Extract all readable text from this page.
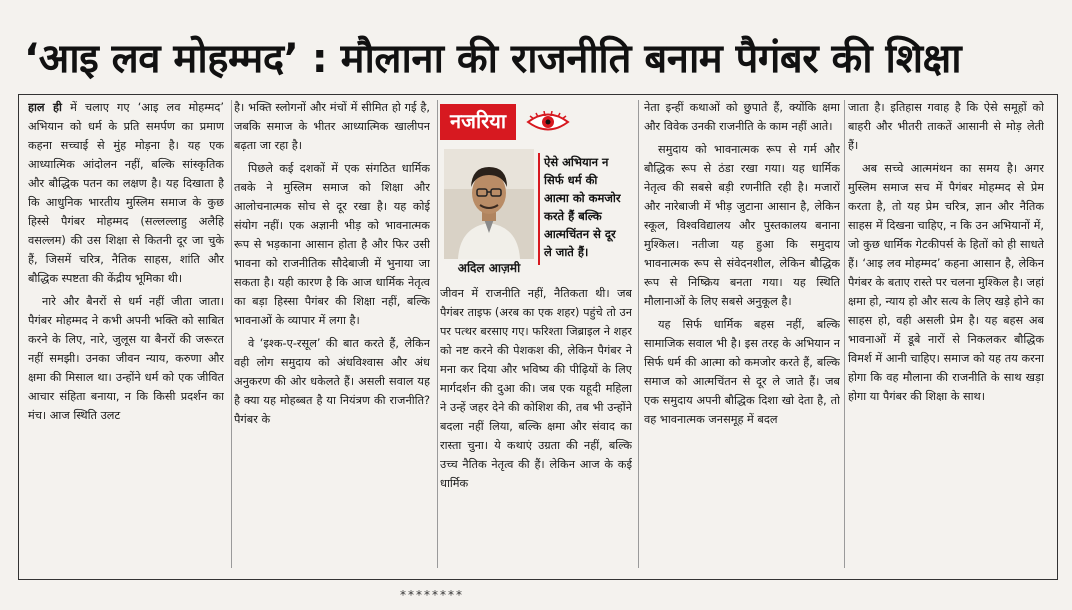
‘आइ लव मोहम्मद’ : मौलाना की राजनीति बनाम पैगंबर की शिक्षा

हाल ही में चलाए गए ‘आइ लव मोहम्मद’ अभियान को धर्म के प्रति समर्पण का प्रमाण कहना सच्चाई से मुंह मोड़ना है। यह एक आध्यात्मिक आंदोलन नहीं, बल्कि सांस्कृतिक और बौद्धिक पतन का लक्षण है। यह दिखाता है कि आधुनिक भारतीय मुस्लिम समाज के कुछ हिस्से पैगंबर मोहम्मद (सल्लल्लाहु अलैहि वसल्लम) की उस शिक्षा से कितनी दूर जा चुके हैं, जिसमें चरित्र, नैतिक साहस, शांति और बौद्धिक स्पष्टता की केंद्रीय भूमिका थी।

नारे और बैनरों से धर्म नहीं जीता जाता। पैगंबर मोहम्मद ने कभी अपनी भक्ति को साबित करने के लिए, नारे, जुलूस या बैनरों की जरूरत नहीं समझी। उनका जीवन न्याय, करुणा और क्षमा की मिसाल था। उन्होंने धर्म को एक जीवित आचार संहिता बनाया, न कि किसी प्रदर्शन का मंच। आज स्थिति उलट

है। भक्ति स्लोगनों और मंचों में सीमित हो गई है, जबकि समाज के भीतर आध्यात्मिक खालीपन बढ़ता जा रहा है।

पिछले कई दशकों में एक संगठित धार्मिक तबके ने मुस्लिम समाज को शिक्षा और आलोचनात्मक सोच से दूर रखा है। यह कोई संयोग नहीं। एक अज्ञानी भीड़ को भावनात्मक रूप से भड़काना आसान होता है और फिर उसी भावना को राजनीतिक सौदेबाजी में भुनाया जा सकता है। यही कारण है कि आज धार्मिक नेतृत्व का बड़ा हिस्सा पैगंबर की शिक्षा नहीं, बल्कि भावनाओं के व्यापार में लगा है।

वे ‘इश्क-ए-रसूल’ की बात करते हैं, लेकिन वही लोग समुदाय को अंधविश्वास और अंध अनुकरण की ओर धकेलते हैं। असली सवाल यह है क्या यह मोहब्बत है या नियंत्रण की राजनीति? पैगंबर के

नजरिया
अदिल आज़मी
ऐसे अभियान न सिर्फ धर्म की आत्मा को कमजोर करते हैं बल्कि आत्मचिंतन से दूर ले जाते हैं।

जीवन में राजनीति नहीं, नैतिकता थी। जब पैगंबर ताइफ (अरब का एक शहर) पहुंचे तो उन पर पत्थर बरसाए गए। फरिश्ता जिब्राइल ने शहर को नष्ट करने की पेशकश की, लेकिन पैगंबर ने मना कर दिया और भविष्य की पीढ़ियों के लिए मार्गदर्शन की दुआ की। जब एक यहूदी महिला ने उन्हें जहर देने की कोशिश की, तब भी उन्होंने बदला नहीं लिया, बल्कि क्षमा और संवाद का रास्ता चुना। ये कथाएं उग्रता की नहीं, बल्कि उच्च नैतिक नेतृत्व की हैं। लेकिन आज के कई धार्मिक

नेता इन्हीं कथाओं को छुपाते हैं, क्योंकि क्षमा और विवेक उनकी राजनीति के काम नहीं आते।

समुदाय को भावनात्मक रूप से गर्म और बौद्धिक रूप से ठंडा रखा गया। यह धार्मिक नेतृत्व की सबसे बड़ी रणनीति रही है। मजारों और नारेबाजी में भीड़ जुटाना आसान है, लेकिन स्कूल, विश्वविद्यालय और पुस्तकालय बनाना मुश्किल। नतीजा यह हुआ कि समुदाय भावनात्मक रूप से संवेदनशील, लेकिन बौद्धिक रूप से निष्क्रिय बनता गया। यह स्थिति मौलानाओं के लिए सबसे अनुकूल है।

यह सिर्फ धार्मिक बहस नहीं, बल्कि सामाजिक सवाल भी है। इस तरह के अभियान न सिर्फ धर्म की आत्मा को कमजोर करते हैं, बल्कि समाज को आत्मचिंतन से दूर ले जाते हैं। जब एक समुदाय अपनी बौद्धिक दिशा खो देता है, तो वह भावनात्मक जनसमूह में बदल

जाता है। इतिहास गवाह है कि ऐसे समूहों को बाहरी और भीतरी ताकतें आसानी से मोड़ लेती हैं।

अब सच्चे आत्ममंथन का समय है। अगर मुस्लिम समाज सच में पैगंबर मोहम्मद से प्रेम करता है, तो यह प्रेम चरित्र, ज्ञान और नैतिक साहस में दिखना चाहिए, न कि उन अभियानों में, जो कुछ धार्मिक गेटकीपर्स के हितों को ही साधते हैं। ‘आइ लव मोहम्मद’ कहना आसान है, लेकिन पैगंबर के बताए रास्ते पर चलना मुश्किल है। जहां क्षमा हो, न्याय हो और सत्य के लिए खड़े होने का साहस हो, वही असली प्रेम है। यह बहस अब भावनाओं में डूबे नारों से निकलकर बौद्धिक विमर्श में आनी चाहिए। समाज को यह तय करना होगा कि वह मौलाना की राजनीति के साथ खड़ा होगा या पैगंबर की शिक्षा के साथ।

********
